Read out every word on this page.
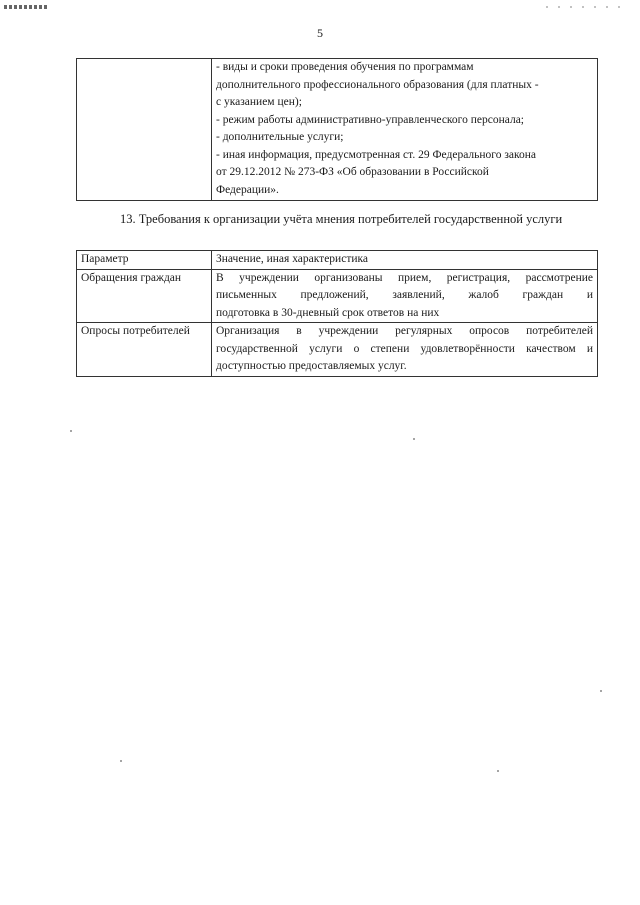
5

- виды и сроки проведения обучения по программам
дополнительного профессионального образования (для платных -
с указанием цен);
- режим работы административно-управленческого персонала;
- дополнительные услуги;
- иная информация, предусмотренная ст. 29 Федерального закона
от 29.12.2012 № 273-ФЗ «Об образовании в Российской
Федерации».
13. Требования к организации учёта мнения потребителей государственной услуги
Параметр	Значение, иная характеристика
Обращения граждан	В учреждении организованы прием, регистрация, рассмотрение
письменных предложений, заявлений, жалоб граждан и
подготовка в 30-дневный срок ответов на них

Опросы потребителей	Организация в учреждении регулярных опросов потребителей
государственной услуги о степени удовлетворённости качеством и
доступностью предоставляемых услуг.
